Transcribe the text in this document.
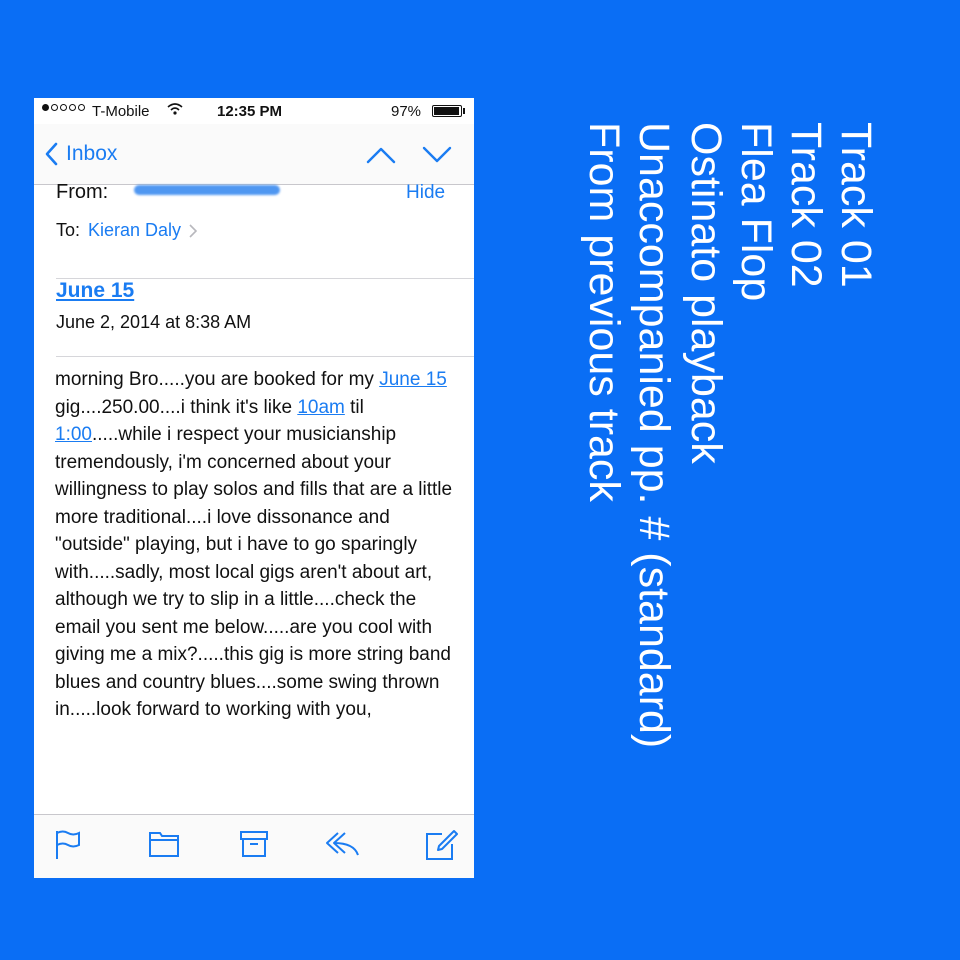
T-Mobile	12:35 PM	97%
Inbox
From:	Hide
To: Kieran Daly
June 15
June 2, 2014 at 8:38 AM
morning Bro.....you are booked for my June 15 gig....250.00....i think it's like 10am til 1:00.....while i respect your musicianship tremendously, i'm concerned about your willingness to play solos and fills that are a little more traditional....i love dissonance and "outside" playing, but i have to go sparingly with.....sadly, most local gigs aren't about art, although we try to slip in a little....check the email you sent me below.....are you cool with giving me a mix?.....this gig is more string band blues and country blues....some swing thrown in.....look forward to working with you,
Track 01
Track 02
Flea Flop
Ostinato playback
Unaccompanied pp. # (standard)
From previous track
